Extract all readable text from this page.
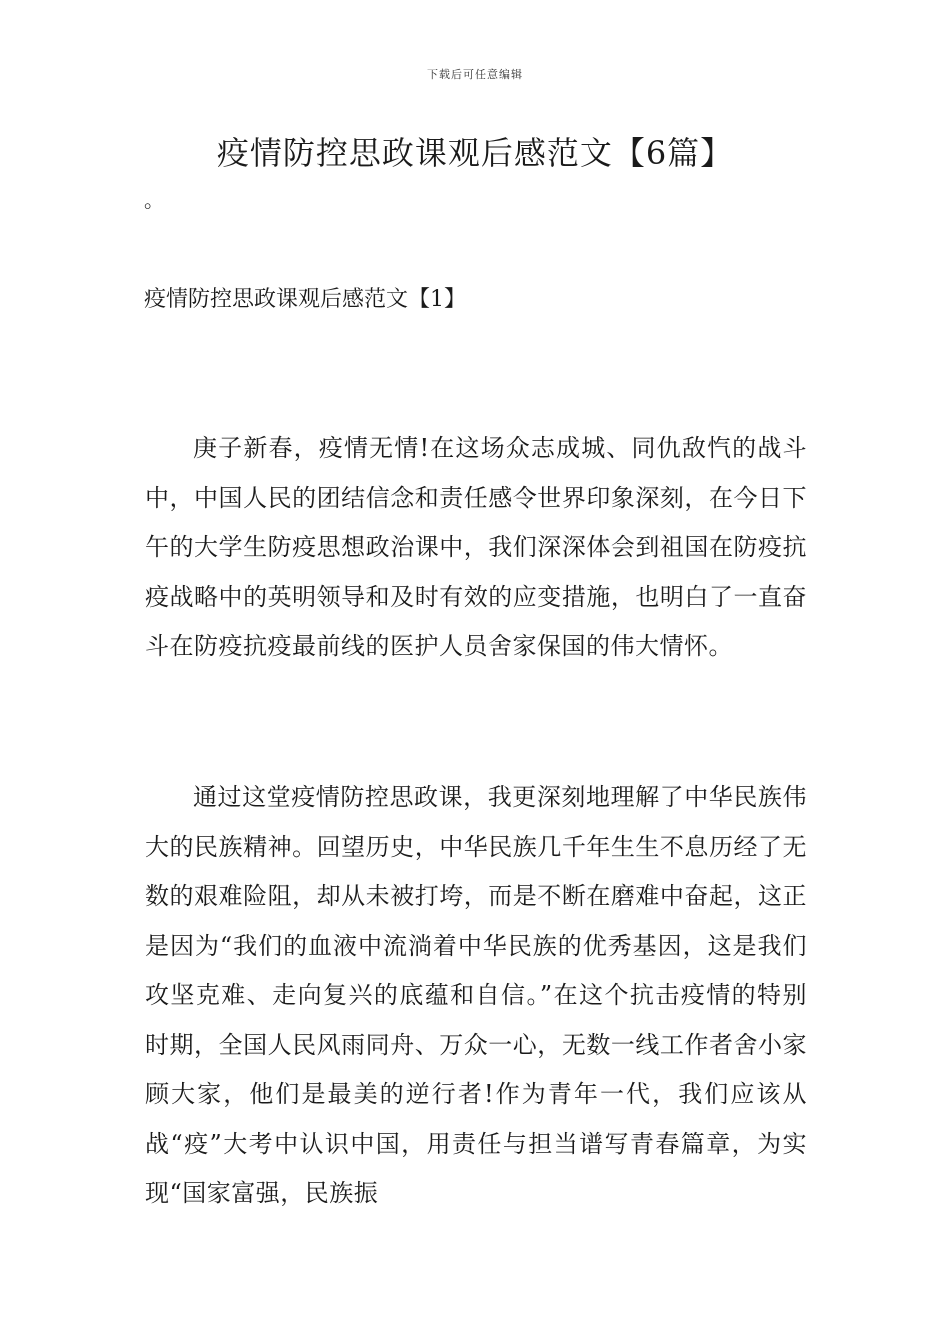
下载后可任意编辑
疫情防控思政课观后感范文【6篇】
。
疫情防控思政课观后感范文【1】

庚子新春，疫情无情!在这场众志成城、同仇敌忾的战斗中，中国人民的团结信念和责任感令世界印象深刻，在今日下午的大学生防疫思想政治课中，我们深深体会到祖国在防疫抗疫战略中的英明领导和及时有效的应变措施，也明白了一直奋斗在防疫抗疫最前线的医护人员舍家保国的伟大情怀。

通过这堂疫情防控思政课，我更深刻地理解了中华民族伟大的民族精神。回望历史，中华民族几千年生生不息历经了无数的艰难险阻，却从未被打垮，而是不断在磨难中奋起，这正是因为“我们的血液中流淌着中华民族的优秀基因，这是我们攻坚克难、走向复兴的底蕴和自信。”在这个抗击疫情的特别时期，全国人民风雨同舟、万众一心，无数一线工作者舍小家顾大家，他们是最美的逆行者!作为青年一代，我们应该从战“疫”大考中认识中国，用责任与担当谱写青春篇章，为实现“国家富强，民族振
